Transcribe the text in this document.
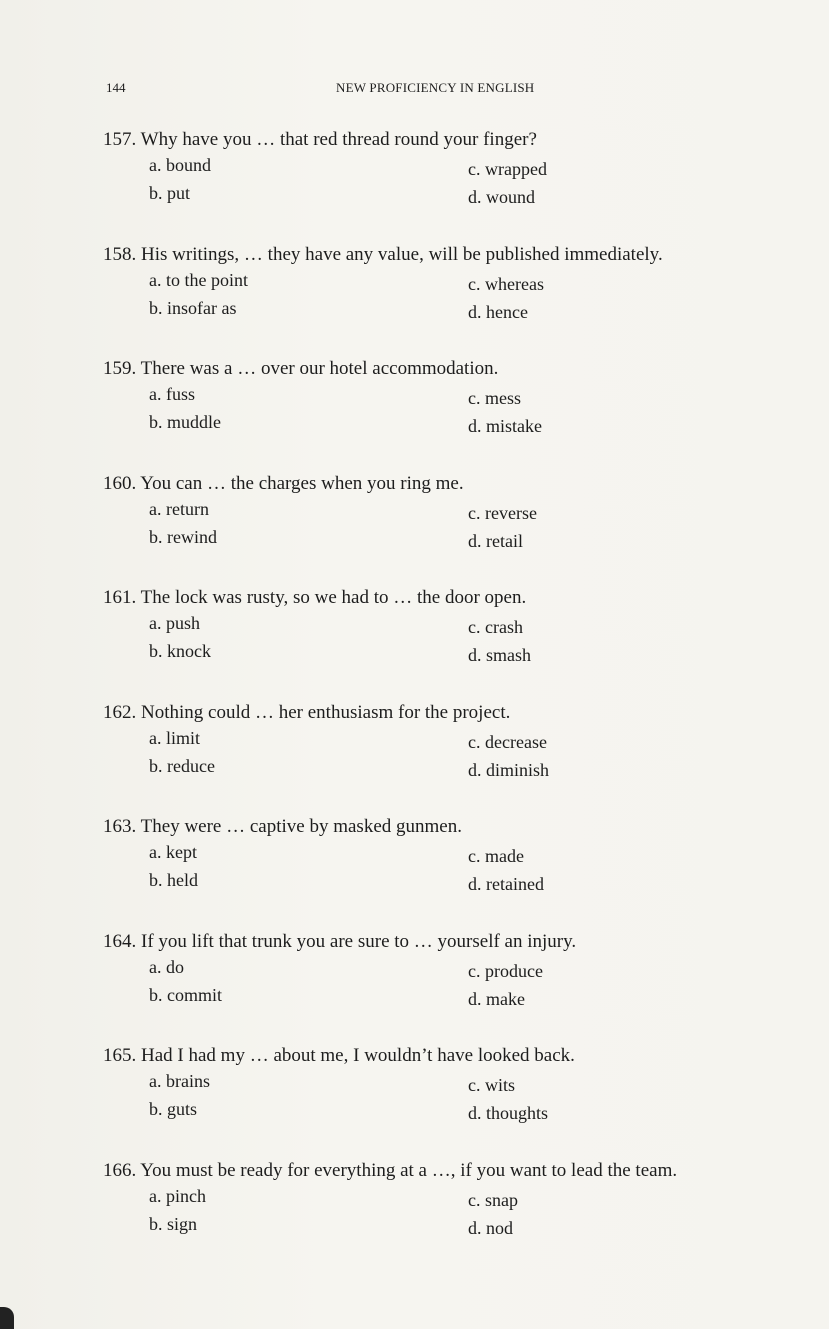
144	NEW PROFICIENCY IN ENGLISH
157. Why have you … that red thread round your finger?
a. bound
b. put
c. wrapped
d. wound
158. His writings, … they have any value, will be published immediately.
a. to the point
b. insofar as
c. whereas
d. hence
159. There was a … over our hotel accommodation.
a. fuss
b. muddle
c. mess
d. mistake
160. You can … the charges when you ring me.
a. return
b. rewind
c. reverse
d. retail
161. The lock was rusty, so we had to … the door open.
a. push
b. knock
c. crash
d. smash
162. Nothing could … her enthusiasm for the project.
a. limit
b. reduce
c. decrease
d. diminish
163. They were … captive by masked gunmen.
a. kept
b. held
c. made
d. retained
164. If you lift that trunk you are sure to … yourself an injury.
a. do
b. commit
c. produce
d. make
165. Had I had my … about me, I wouldn’t have looked back.
a. brains
b. guts
c. wits
d. thoughts
166. You must be ready for everything at a …, if you want to lead the team.
a. pinch
b. sign
c. snap
d. nod
